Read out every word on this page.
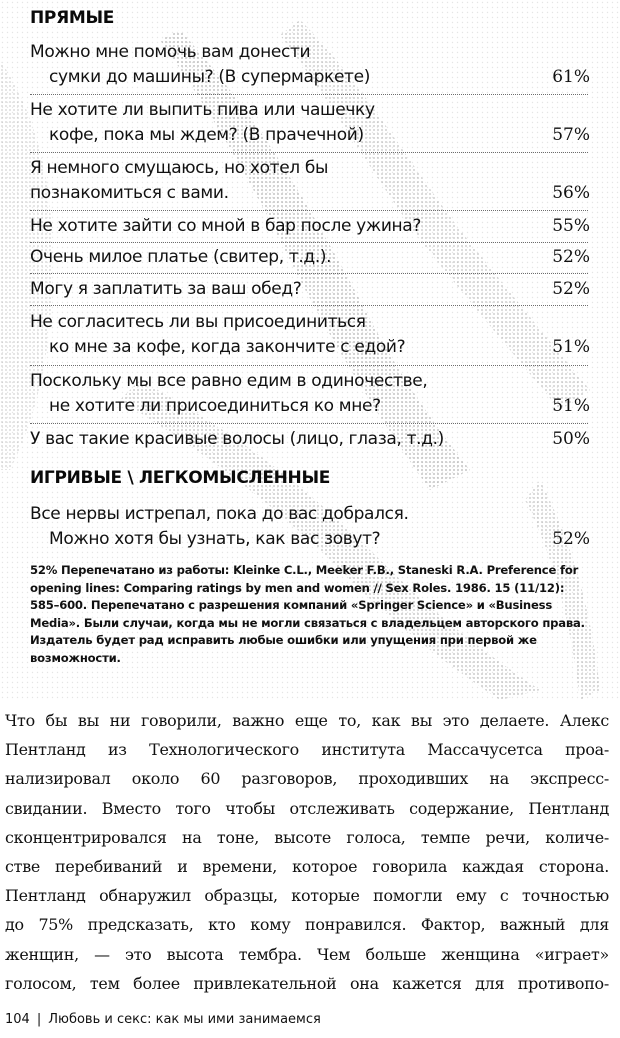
ПРЯМЫЕ
Можно мне помочь вам донести
сумки до машины? (В супермаркете)	61%
Не хотите ли выпить пива или чашечку
кофе, пока мы ждем? (В прачечной)	57%
Я немного смущаюсь, но хотел бы
познакомиться с вами.	56%
Не хотите зайти со мной в бар после ужина?	55%
Очень милое платье (свитер, т.д.).	52%
Могу я заплатить за ваш обед?	52%
Не согласитесь ли вы присоединиться
ко мне за кофе, когда закончите с едой?	51%
Поскольку мы все равно едим в одиночестве,
не хотите ли присоединиться ко мне?	51%
У вас такие красивые волосы (лицо, глаза, т.д.)	50%
ИГРИВЫЕ \ ЛЕГКОМЫСЛЕННЫЕ
Все нервы истрепал, пока до вас добрался.
Можно хотя бы узнать, как вас зовут?	52%
52% Перепечатано из работы: Kleinke C.L., Meeker F.B., Staneski R.A. Preference for opening lines: Comparing ratings by men and women // Sex Roles. 1986. 15 (11/12): 585–600. Перепечатано с разрешения компаний «Springer Science» и «Business Media». Были случаи, когда мы не могли связаться с владельцем авторского права. Издатель будет рад исправить любые ошибки или упущения при первой же возможности.
Что бы вы ни говорили, важно еще то, как вы это делаете. Алекс
Пентланд из Технологического института Массачусетса проа-
нализировал около 60 разговоров, проходивших на экспресс-
свидании. Вместо того чтобы отслеживать содержание, Пентланд
сконцентрировался на тоне, высоте голоса, темпе речи, количе-
стве перебиваний и времени, которое говорила каждая сторона.
Пентланд обнаружил образцы, которые помогли ему с точностью
до 75% предсказать, кто кому понравился. Фактор, важный для
женщин, — это высота тембра. Чем больше женщина «играет»
голосом, тем более привлекательной она кажется для противопо-
104 | Любовь и секс: как мы ими занимаемся
